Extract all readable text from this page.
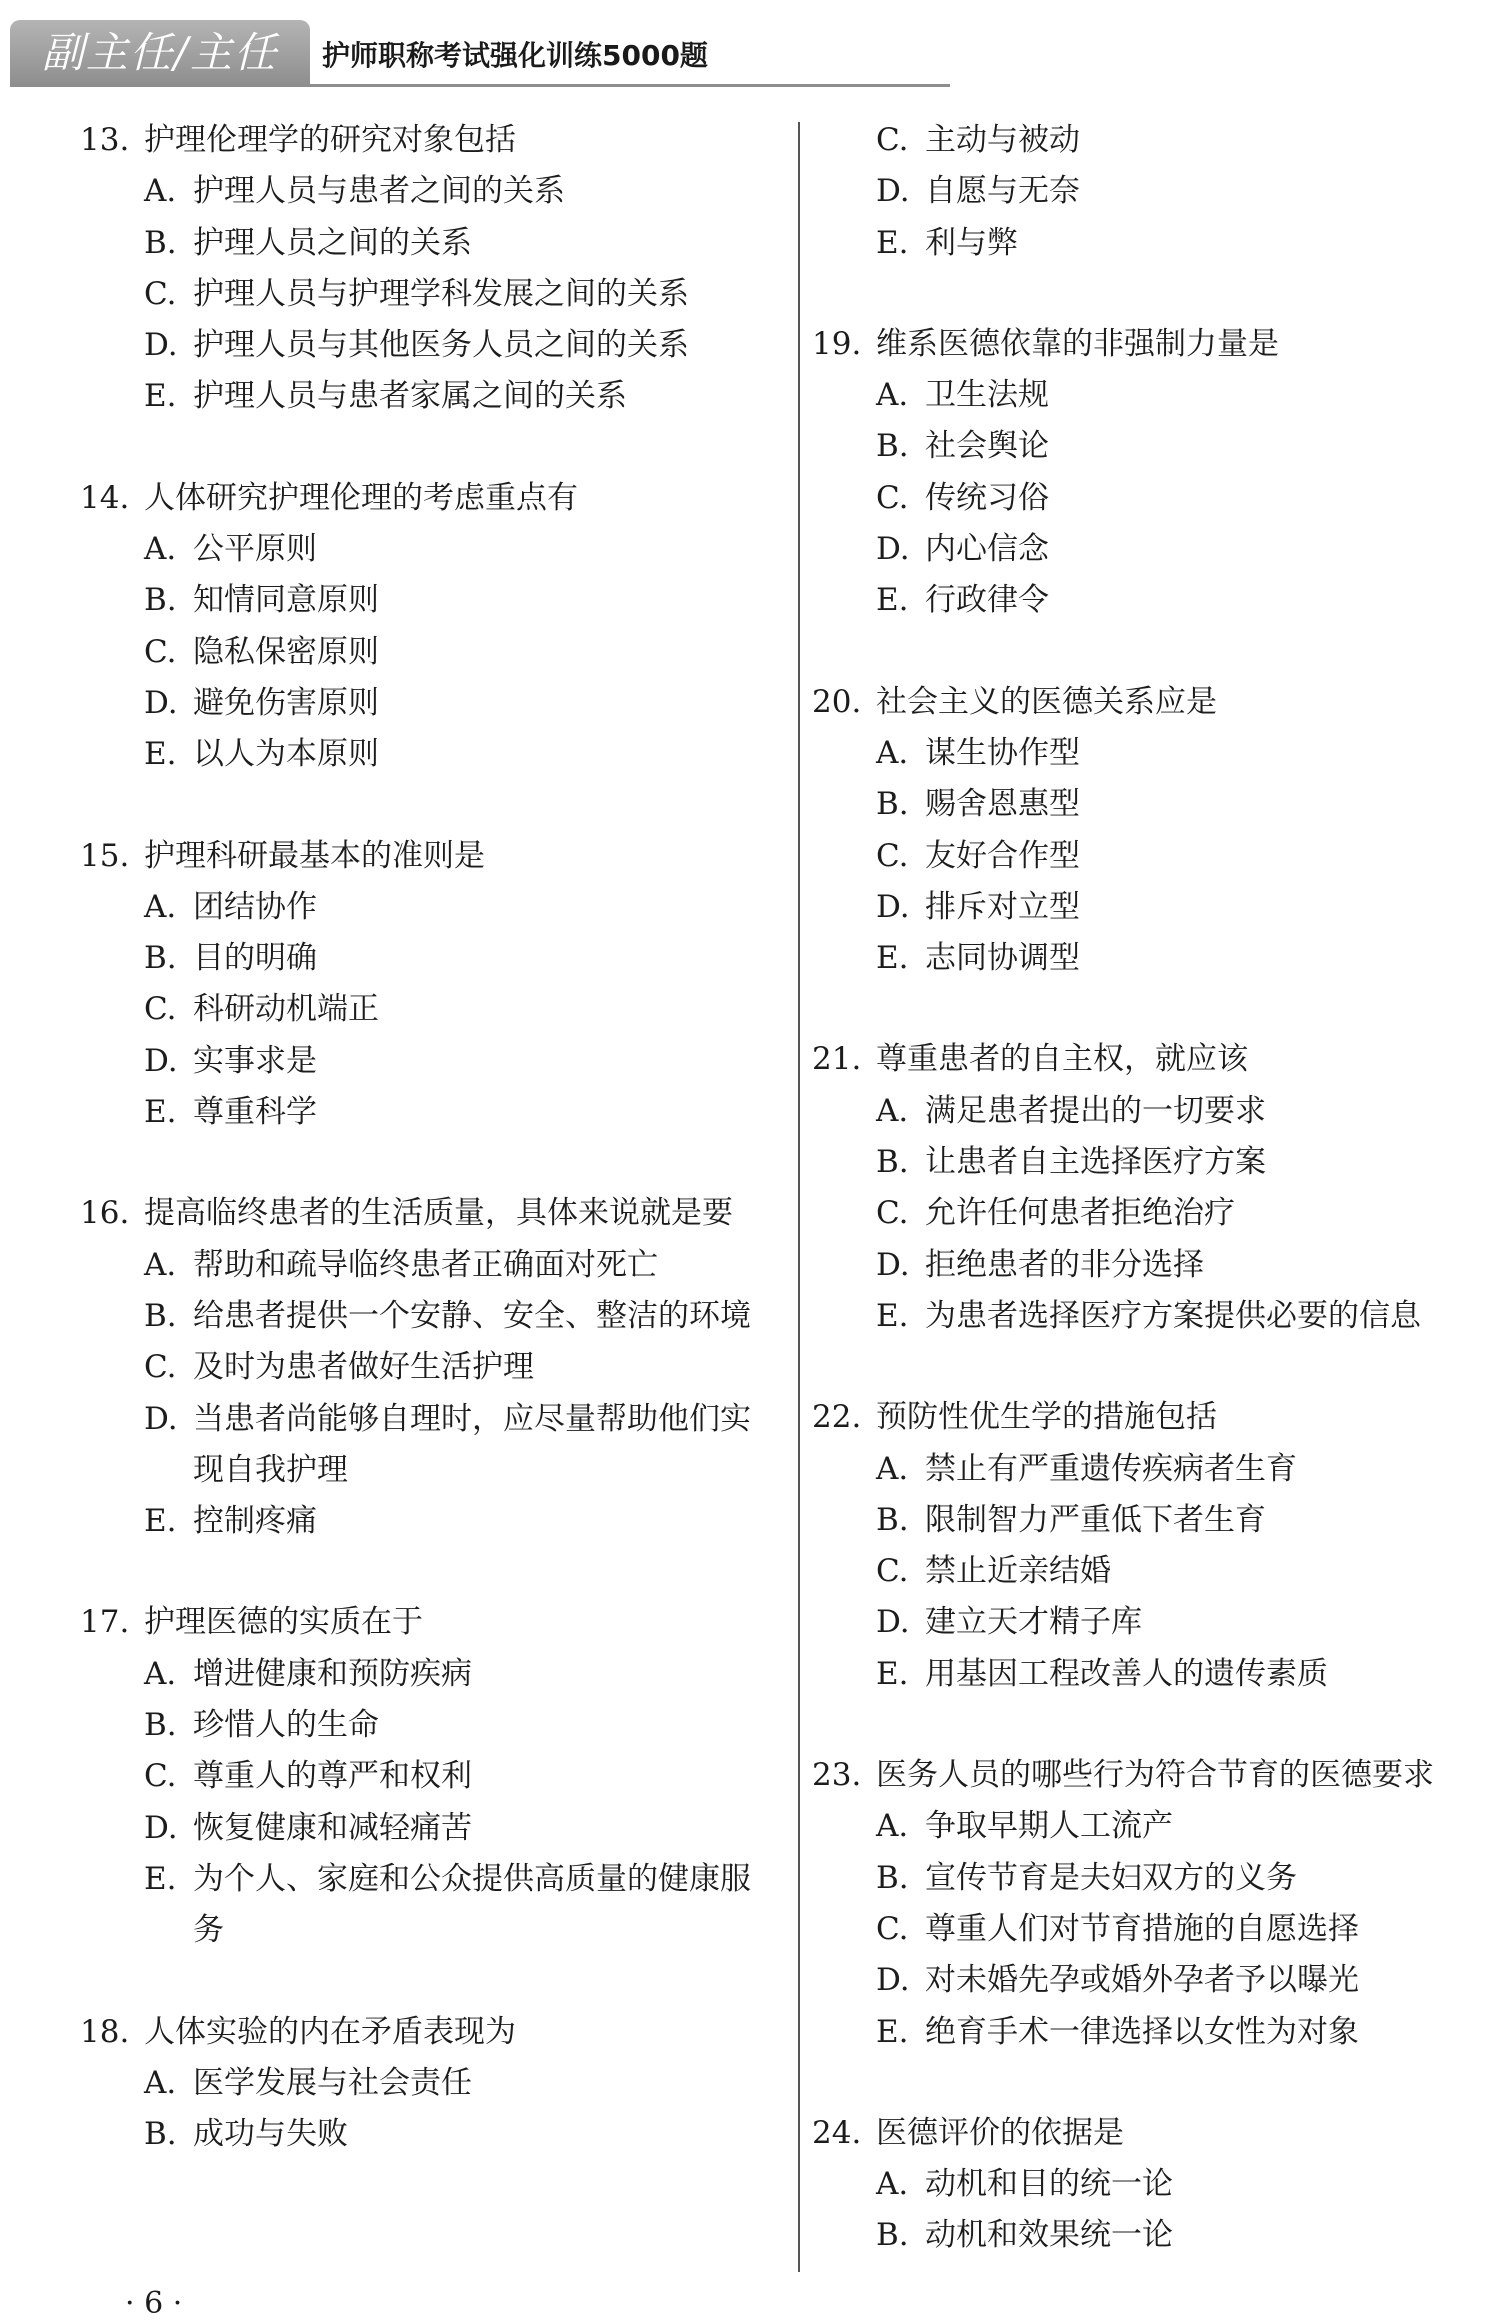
副主任/主任	护师职称考试强化训练5000题
13. 护理伦理学的研究对象包括
A. 护理人员与患者之间的关系
B. 护理人员之间的关系
C. 护理人员与护理学科发展之间的关系
D. 护理人员与其他医务人员之间的关系
E. 护理人员与患者家属之间的关系
14. 人体研究护理伦理的考虑重点有
A. 公平原则
B. 知情同意原则
C. 隐私保密原则
D. 避免伤害原则
E. 以人为本原则
15. 护理科研最基本的准则是
A. 团结协作
B. 目的明确
C. 科研动机端正
D. 实事求是
E. 尊重科学
16. 提高临终患者的生活质量，具体来说就是要
A. 帮助和疏导临终患者正确面对死亡
B. 给患者提供一个安静、安全、整洁的环境
C. 及时为患者做好生活护理
D. 当患者尚能够自理时，应尽量帮助他们实现自我护理
E. 控制疼痛
17. 护理医德的实质在于
A. 增进健康和预防疾病
B. 珍惜人的生命
C. 尊重人的尊严和权利
D. 恢复健康和减轻痛苦
E. 为个人、家庭和公众提供高质量的健康服务
18. 人体实验的内在矛盾表现为
A. 医学发展与社会责任
B. 成功与失败
C. 主动与被动
D. 自愿与无奈
E. 利与弊
19. 维系医德依靠的非强制力量是
A. 卫生法规
B. 社会舆论
C. 传统习俗
D. 内心信念
E. 行政律令
20. 社会主义的医德关系应是
A. 谋生协作型
B. 赐舍恩惠型
C. 友好合作型
D. 排斥对立型
E. 志同协调型
21. 尊重患者的自主权，就应该
A. 满足患者提出的一切要求
B. 让患者自主选择医疗方案
C. 允许任何患者拒绝治疗
D. 拒绝患者的非分选择
E. 为患者选择医疗方案提供必要的信息
22. 预防性优生学的措施包括
A. 禁止有严重遗传疾病者生育
B. 限制智力严重低下者生育
C. 禁止近亲结婚
D. 建立天才精子库
E. 用基因工程改善人的遗传素质
23. 医务人员的哪些行为符合节育的医德要求
A. 争取早期人工流产
B. 宣传节育是夫妇双方的义务
C. 尊重人们对节育措施的自愿选择
D. 对未婚先孕或婚外孕者予以曝光
E. 绝育手术一律选择以女性为对象
24. 医德评价的依据是
A. 动机和目的统一论
B. 动机和效果统一论
· 6 ·
